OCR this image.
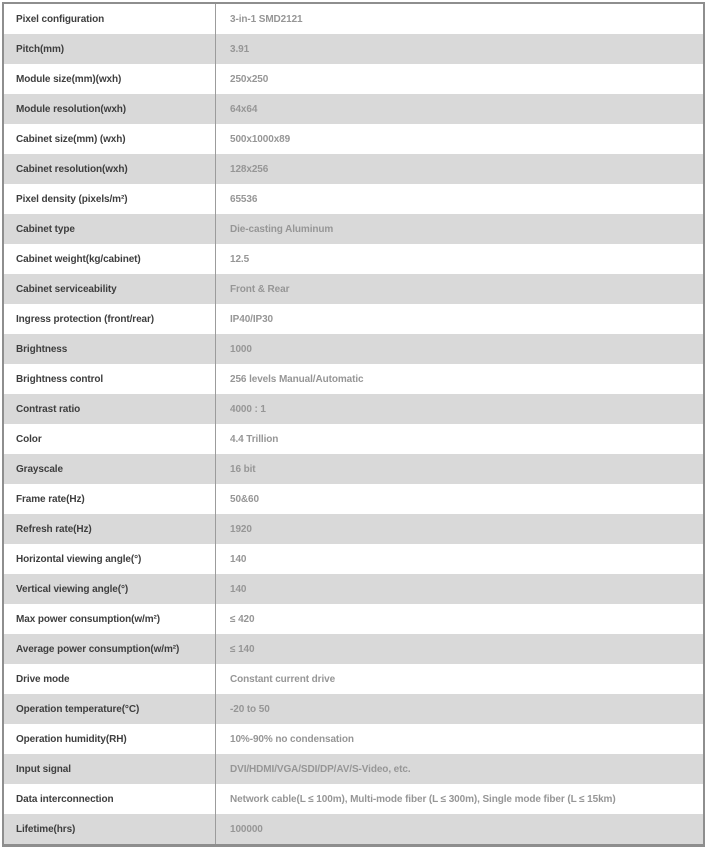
Pixel configuration	3-in-1 SMD2121
Pitch(mm)	3.91
Module size(mm)(wxh)	250x250
Module resolution(wxh)	64x64
Cabinet size(mm) (wxh)	500x1000x89
Cabinet resolution(wxh)	128x256
Pixel density (pixels/m²)	65536
Cabinet type	Die-casting Aluminum
Cabinet weight(kg/cabinet)	12.5
Cabinet serviceability	Front & Rear
Ingress protection (front/rear)	IP40/IP30
Brightness	1000
Brightness control	256 levels Manual/Automatic
Contrast ratio	4000 : 1
Color	4.4 Trillion
Grayscale	16 bit
Frame rate(Hz)	50&60
Refresh rate(Hz)	1920
Horizontal viewing angle(°)	140
Vertical viewing angle(°)	140
Max power consumption(w/m²)	≤ 420
Average power consumption(w/m²)	≤ 140
Drive mode	Constant current drive
Operation temperature(°C)	-20 to 50
Operation humidity(RH)	10%-90% no condensation
Input signal	DVI/HDMI/VGA/SDI/DP/AV/S-Video, etc.
Data interconnection	Network cable(L ≤ 100m), Multi-mode fiber (L ≤ 300m), Single mode fiber (L ≤ 15km)
Lifetime(hrs)	100000
